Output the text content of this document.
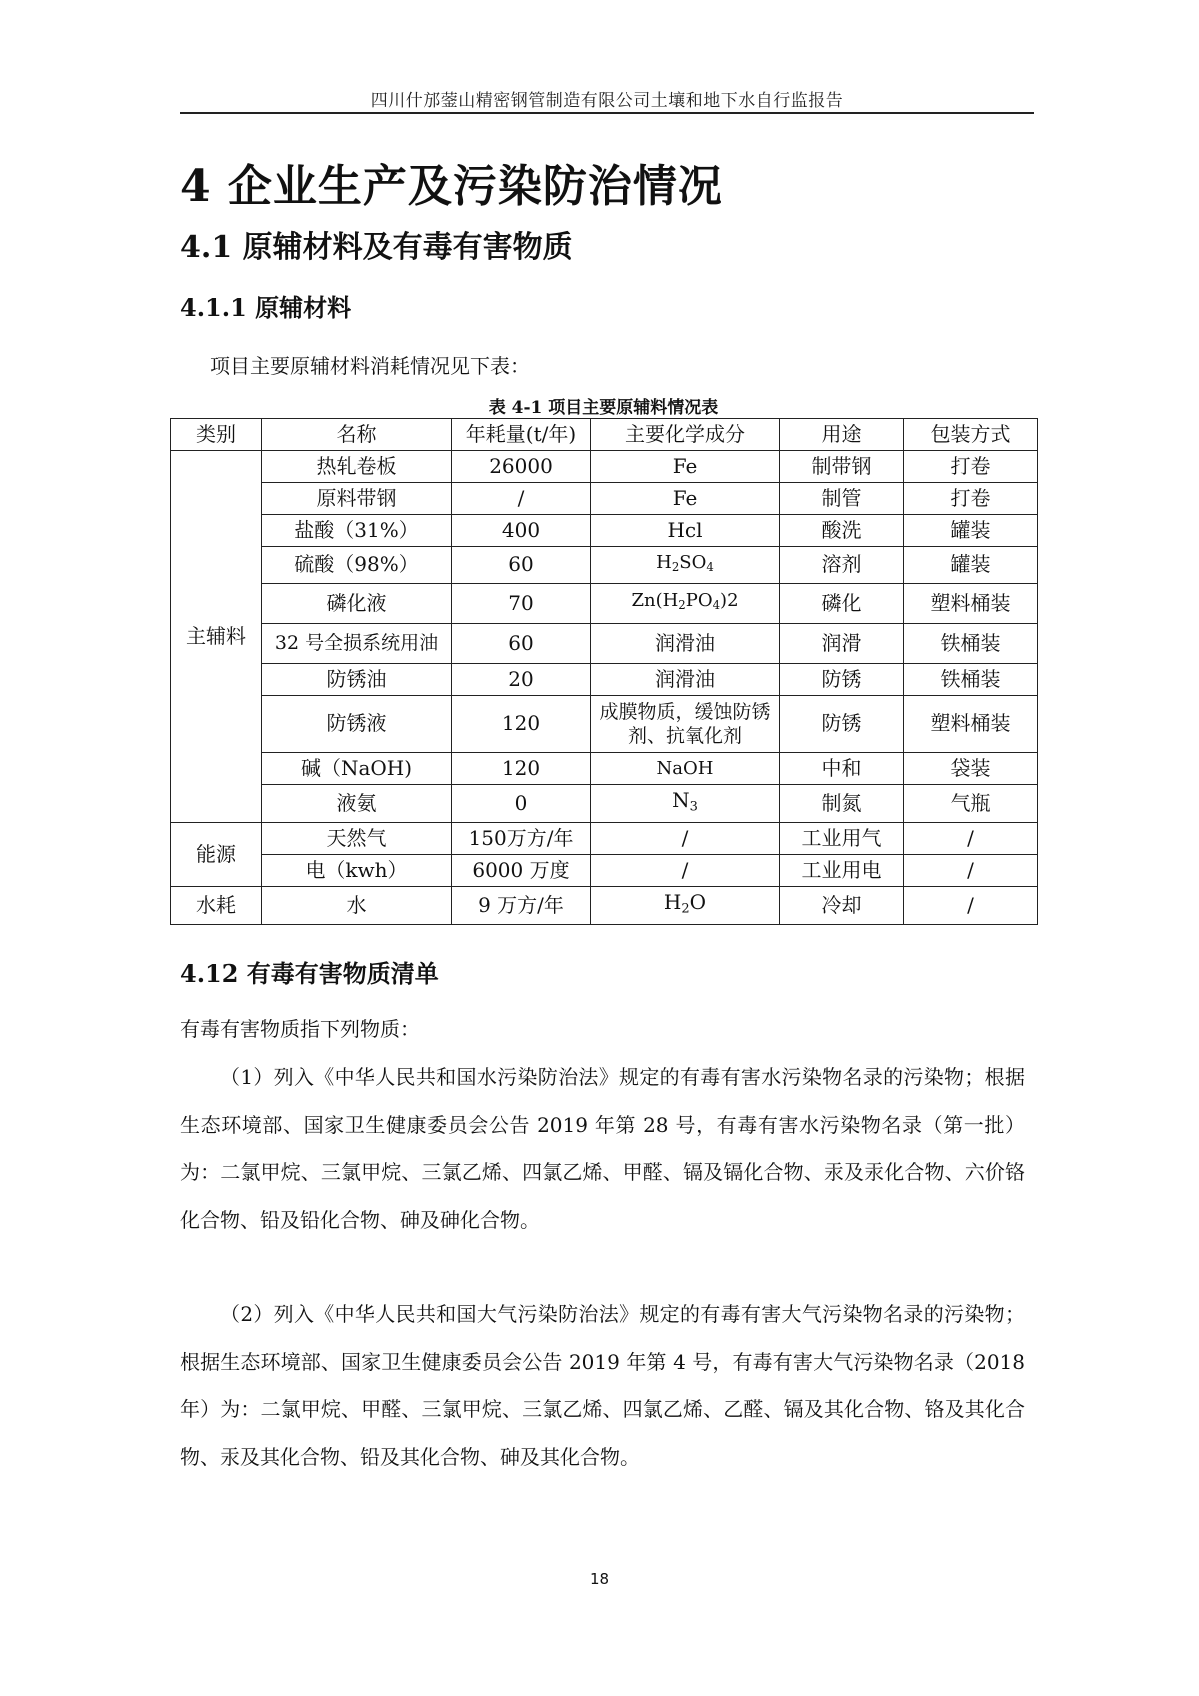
四川什邡蓥山精密钢管制造有限公司土壤和地下水自行监报告
4 企业生产及污染防治情况
4.1 原辅材料及有毒有害物质
4.1.1 原辅材料
项目主要原辅材料消耗情况见下表：
表 4-1 项目主要原辅料情况表
类别	名称	年耗量(t/年)	主要化学成分	用途	包装方式
主辅料	热轧卷板	26000	Fe	制带钢	打卷
	原料带钢	/	Fe	制管	打卷
	盐酸（31%）	400	Hcl	酸洗	罐装
	硫酸（98%）	60	$H_2SO_4$	溶剂	罐装
	磷化液	70	$Zn(H_2PO_4)2$	磷化	塑料桶装
	32 号全损系统用油	60	润滑油	润滑	铁桶装
	防锈油	20	润滑油	防锈	铁桶装
	防锈液	120	成膜物质，缓蚀防锈剂、抗氧化剂	防锈	塑料桶装
	碱（NaOH)	120	NaOH	中和	袋装
	液氨	0	$N_3$	制氮	气瓶
能源	天然气	150万方/年	/	工业用气	/
	电（kwh）	6000 万度	/	工业用电	/
水耗	水	9 万方/年	$H_2O$	冷却	/
4.12 有毒有害物质清单
有毒有害物质指下列物质：
（1）列入《中华人民共和国水污染防治法》规定的有毒有害水污染物名录的污染物；根据生态环境部、国家卫生健康委员会公告 2019 年第 28 号，有毒有害水污染物名录（第一批）为：二氯甲烷、三氯甲烷、三氯乙烯、四氯乙烯、甲醛、镉及镉化合物、汞及汞化合物、六价铬化合物、铅及铅化合物、砷及砷化合物。
（2）列入《中华人民共和国大气污染防治法》规定的有毒有害大气污染物名录的污染物；根据生态环境部、国家卫生健康委员会公告 2019 年第 4 号，有毒有害大气污染物名录（2018 年）为：二氯甲烷、甲醛、三氯甲烷、三氯乙烯、四氯乙烯、乙醛、镉及其化合物、铬及其化合物、汞及其化合物、铅及其化合物、砷及其化合物。
18
